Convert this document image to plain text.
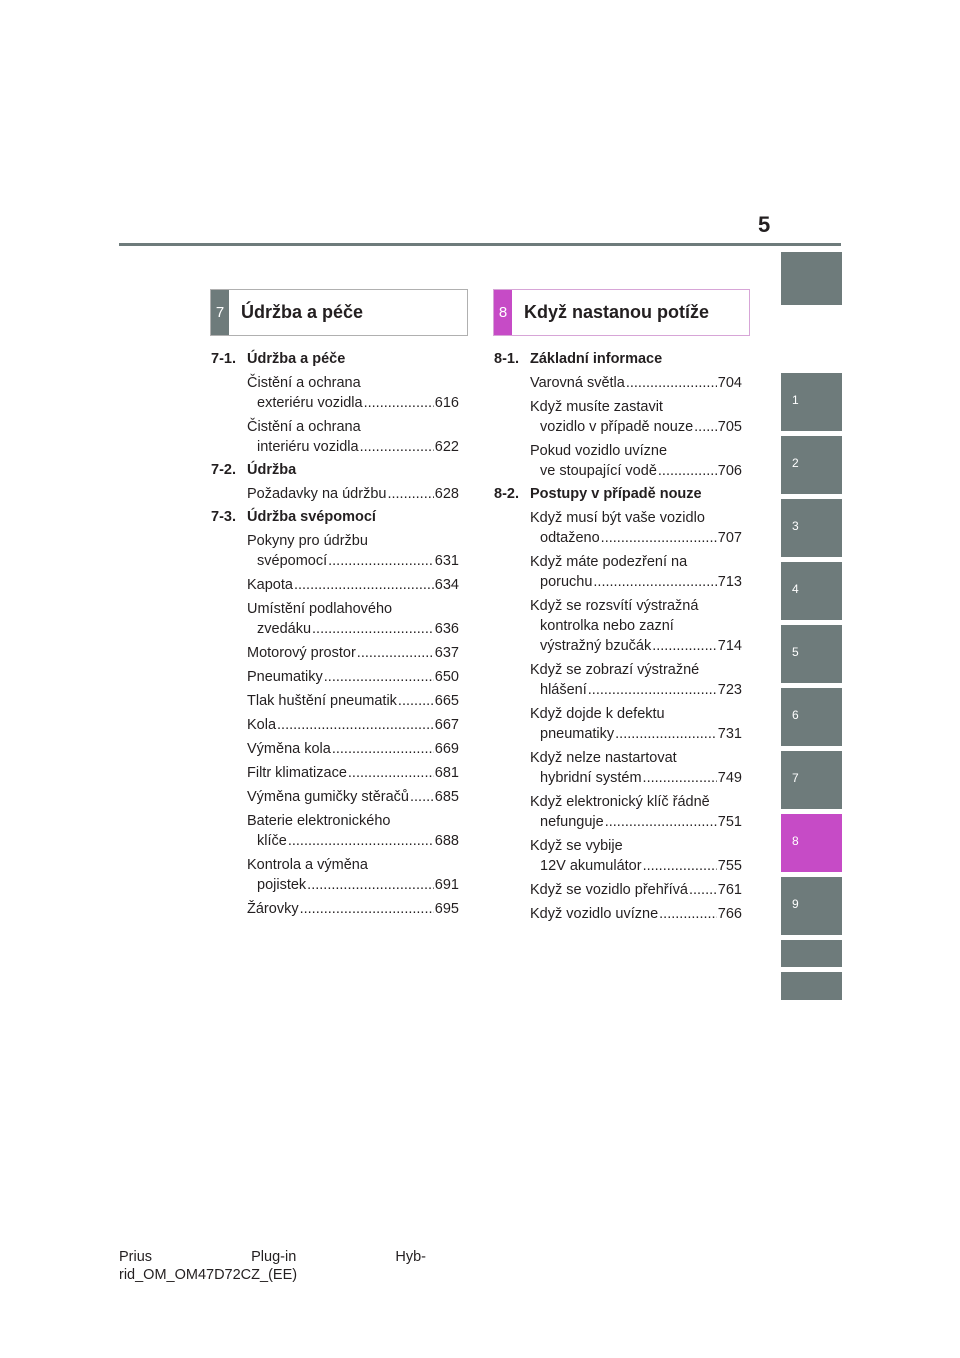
5
1
2
3
4
5
6
7
8
9
7 Údržba a péče	8 Když nastanou potíže
7-1. Údržba a péče
Čistění a ochrana
exteriéru vozidla .....	616
Čistění a ochrana
interiéru vozidla .....	622
7-2. Údržba
Požadavky na údržbu .....	628
7-3. Údržba svépomocí
Pokyny pro údržbu
svépomocí .....	631
Kapota .....	634
Umístění podlahového
zvedáku .....	636
Motorový prostor .....	637
Pneumatiky .....	650
Tlak huštění pneumatik .....	665
Kola .....	667
Výměna kola .....	669
Filtr klimatizace .....	681
Výměna gumičky stěračů ..... 685
Baterie elektronického
klíče .....	688
Kontrola a výměna
pojistek .....	691
Žárovky .....	695
8-1. Základní informace
Varovná světla .....	704
Když musíte zastavit
vozidlo v případě nouze ..... 705
Pokud vozidlo uvízne
ve stoupající vodě .....	706
8-2. Postupy v případě nouze
Když musí být vaše vozidlo
odtaženo .....	707
Když máte podezření na
poruchu .....	713
Když se rozsvítí výstražná
kontrolka nebo zazní
výstražný bzučák .....	714
Když se zobrazí výstražné
hlášení .....	723
Když dojde k defektu
pneumatiky .....	731
Když nelze nastartovat
hybridní systém .....	749
Když elektronický klíč řádně
nefunguje .....	751
Když se vybije
12V akumulátor .....	755
Když se vozidlo přehřívá ..... 761
Když vozidlo uvízne .....	766
Prius	Plug-in	Hyb-
rid_OM_OM47D72CZ_(EE)
